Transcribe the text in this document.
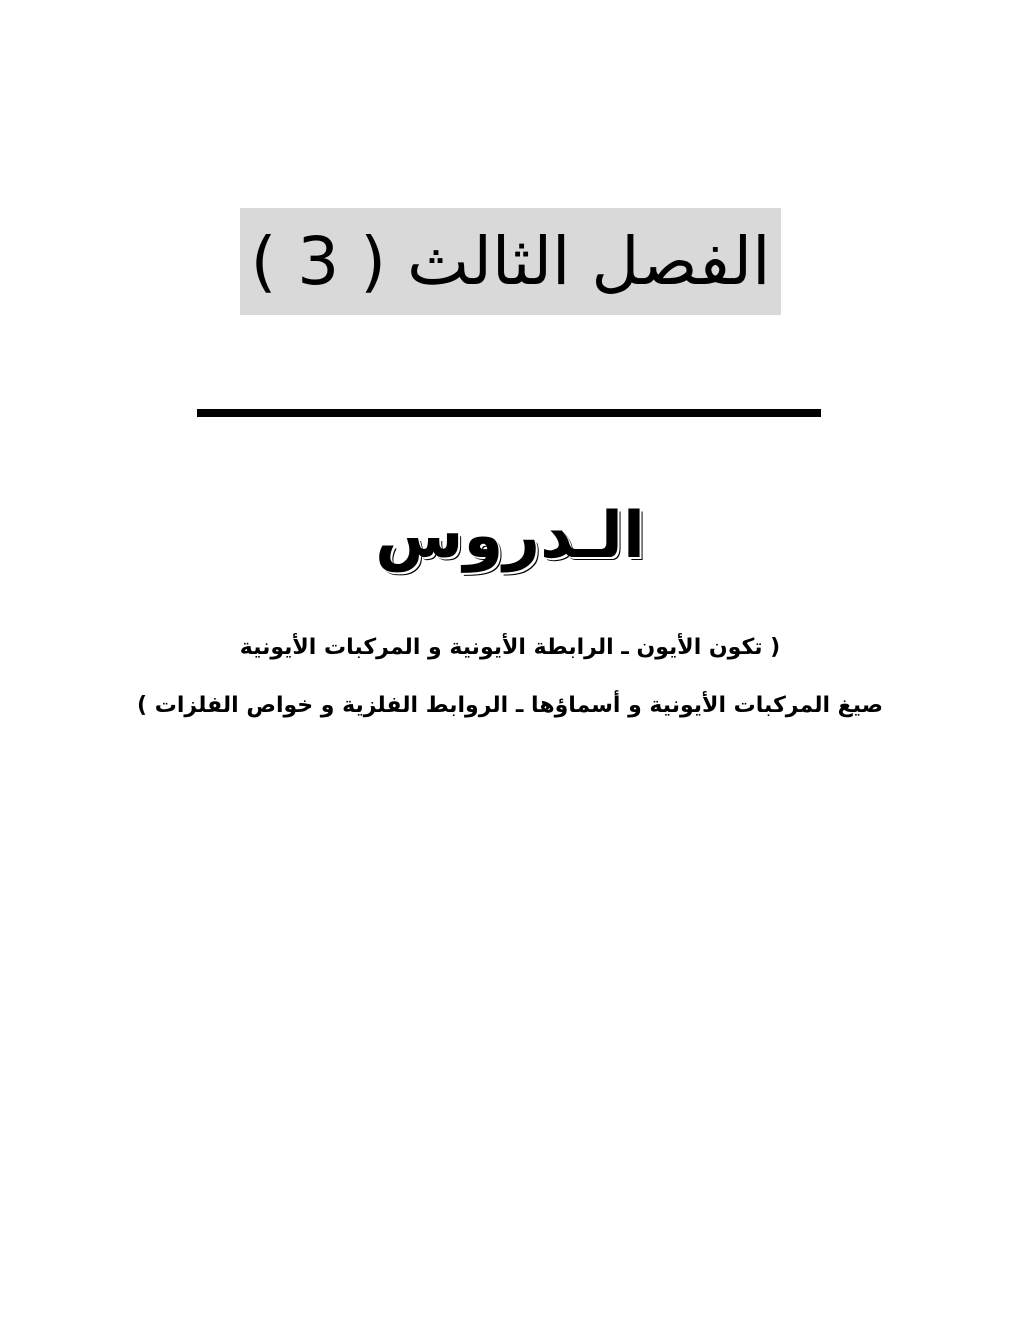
الفصل الثالث ( 3 )
الـدروس
( تكون الأيون ـ الرابطة الأيونية و المركبات الأيونية
صيغ المركبات الأيونية و أسماؤها ـ الروابط الفلزية و خواص الفلزات )
